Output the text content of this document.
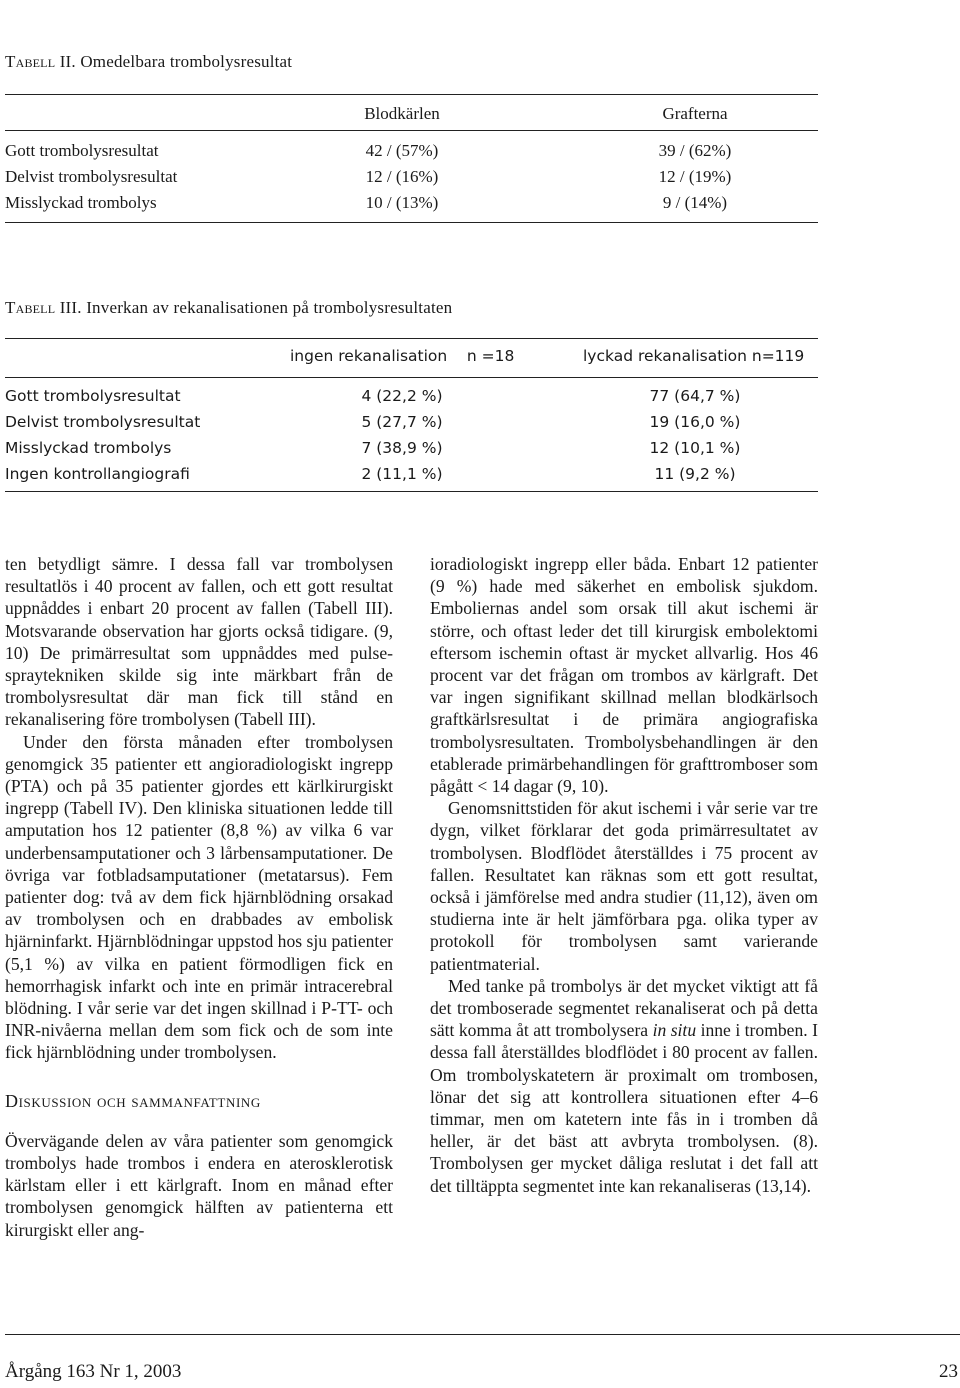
Tabell II. Omedelbara trombolysresultat
Blodkärlen	Grafterna
Gott trombolysresultat	42 / (57%)	39 / (62%)
Delvist trombolysresultat	12 / (16%)	12 / (19%)
Misslyckad trombolys	10 / (13%)	9 / (14%)
Tabell III. Inverkan av rekanalisationen på trombolysresultaten
ingen rekanalisation    n =18	lyckad rekanalisation n=119
Gott trombolysresultat	4 (22,2 %)	77 (64,7 %)
Delvist trombolysresultat	5 (27,7 %)	19 (16,0 %)
Misslyckad trombolys	7 (38,9 %)	12 (10,1 %)
Ingen kontrollangiografi	2 (11,1 %)	11 (9,2 %)

ten betydligt sämre. I dessa fall var trombolysen resultatlös i 40 procent av fallen, och ett gott resultat uppnåddes i enbart 20 procent av fallen (Tabell III). Motsvarande observation har gjorts också tidigare. (9, 10) De primärresultat som uppnåddes med pulse-spraytekniken skilde sig inte märkbart från de trombolysresultat där man fick till stånd en rekanalisering före trombolysen (Tabell III).

Under den första månaden efter trombolysen genomgick 35 patienter ett angioradiologiskt ingrepp (PTA) och på 35 patienter gjordes ett kärlkirurgiskt ingrepp (Tabell IV). Den kliniska situationen ledde till amputation hos 12 patienter (8,8 %) av vilka 6 var underbensamputationer och 3 lårbensamputationer. De övriga var fotbladsamputationer (metatarsus). Fem patienter dog: två av dem fick hjärnblödning orsakad av trombolysen och en drabbades av embolisk hjärninfarkt. Hjärnblödningar uppstod hos sju patienter (5,1 %) av vilka en patient förmodligen fick en hemorrhagisk infarkt och inte en primär intracerebral blödning. I vår serie var det ingen skillnad i P-TT- och INR-nivåerna mellan dem som fick och de som inte fick hjärnblödning under trombolysen.

Diskussion och sammanfattning

Övervägande delen av våra patienter som genomgick trombolys hade trombos i endera en aterosklerotisk kärlstam eller i ett kärlgraft. Inom en månad efter trombolysen genomgick hälften av patienterna ett kirurgiskt eller ang-

ioradiologiskt ingrepp eller båda. Enbart 12 patienter (9 %) hade med säkerhet en embolisk sjukdom. Emboliernas andel som orsak till akut ischemi är större, och oftast leder det till kirurgisk embolektomi eftersom ischemin oftast är mycket allvarlig. Hos 46 procent var det frågan om trombos av kärlgraft. Det var ingen signifikant skillnad mellan blodkärlsoch graftkärlsresultat i de primära angiografiska trombolysresultaten. Trombolysbehandlingen är den etablerade primärbehandlingen för grafttromboser som pågått < 14 dagar (9, 10).

Genomsnittstiden för akut ischemi i vår serie var tre dygn, vilket förklarar det goda primärresultatet av trombolysen. Blodflödet återställdes i 75 procent av fallen. Resultatet kan räknas som ett gott resultat, också i jämförelse med andra studier (11,12), även om studierna inte är helt jämförbara pga. olika typer av protokoll för trombolysen samt varierande patientmaterial.

Med tanke på trombolys är det mycket viktigt att få det tromboserade segmentet rekanaliserat och på detta sätt komma åt att trombolysera in situ inne i tromben. I dessa fall återställdes blodflödet i 80 procent av fallen. Om trombolyskatetern är proximalt om trombosen, lönar det sig att kontrollera situationen efter 4–6 timmar, men om katetern inte fås in i tromben då heller, är det bäst att avbryta trombolysen. (8). Trombolysen ger mycket dåliga reslutat i det fall att det tilltäppta segmentet inte kan rekanaliseras (13,14).

Årgång 163 Nr 1, 2003	23
